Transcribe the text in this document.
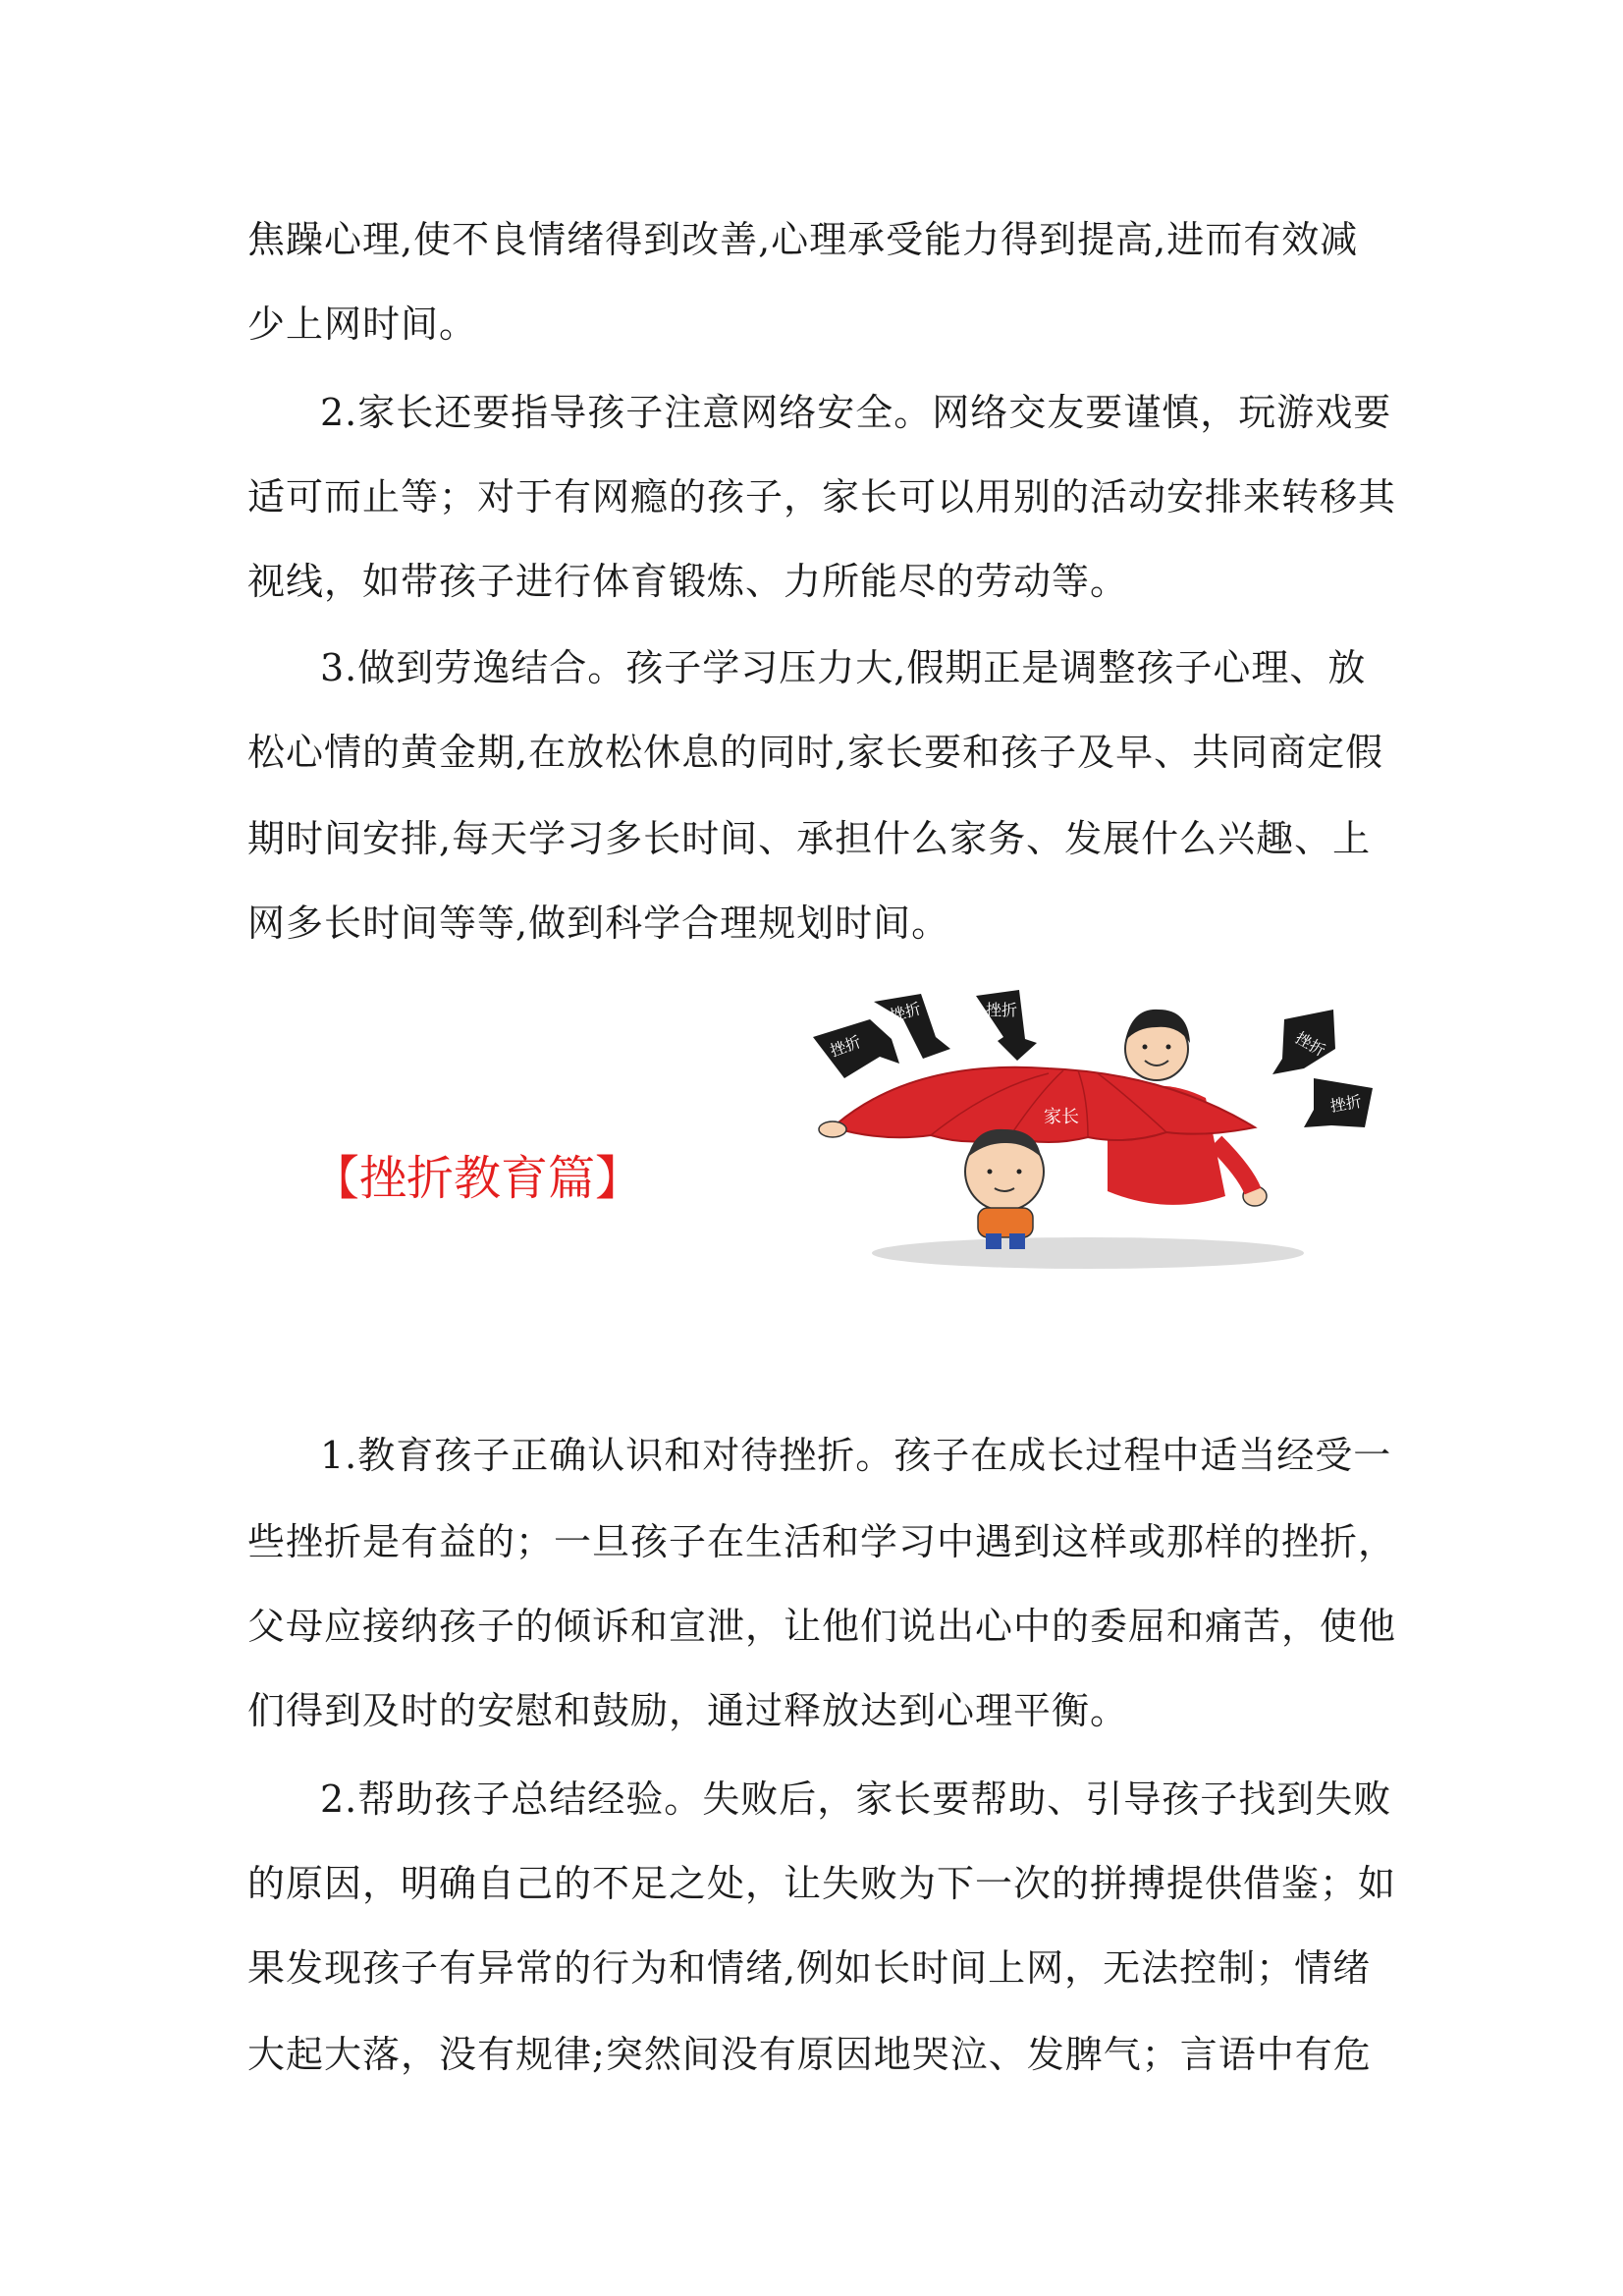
焦躁心理,使不良情绪得到改善,心理承受能力得到提高,进而有效减
少上网时间。
2.家长还要指导孩子注意网络安全。网络交友要谨慎，玩游戏要
适可而止等；对于有网瘾的孩子，家长可以用别的活动安排来转移其
视线，如带孩子进行体育锻炼、力所能尽的劳动等。
3.做到劳逸结合。孩子学习压力大,假期正是调整孩子心理、放
松心情的黄金期,在放松休息的同时,家长要和孩子及早、共同商定假
期时间安排,每天学习多长时间、承担什么家务、发展什么兴趣、上
网多长时间等等,做到科学合理规划时间。
【挫折教育篇】
家长
挫折
挫折	挫折
挫折
挫折
1.教育孩子正确认识和对待挫折。孩子在成长过程中适当经受一
些挫折是有益的；一旦孩子在生活和学习中遇到这样或那样的挫折，
父母应接纳孩子的倾诉和宣泄，让他们说出心中的委屈和痛苦，使他
们得到及时的安慰和鼓励，通过释放达到心理平衡。
2.帮助孩子总结经验。失败后，家长要帮助、引导孩子找到失败
的原因，明确自己的不足之处，让失败为下一次的拼搏提供借鉴；如
果发现孩子有异常的行为和情绪,例如长时间上网，无法控制；情绪
大起大落，没有规律;突然间没有原因地哭泣、发脾气；言语中有危
